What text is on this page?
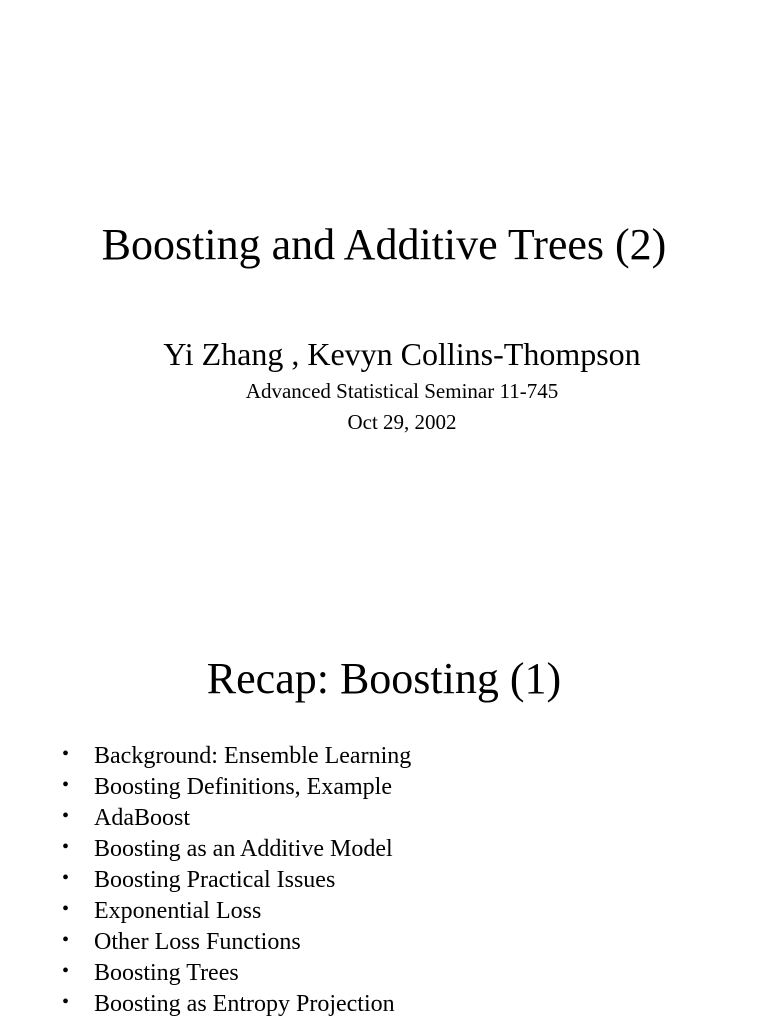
Boosting and Additive Trees (2)
Yi Zhang , Kevyn Collins-Thompson
Advanced Statistical Seminar 11-745
Oct 29, 2002
Recap: Boosting (1)
• Background: Ensemble Learning
• Boosting Definitions, Example
• AdaBoost
• Boosting as an Additive Model
• Boosting Practical Issues
• Exponential Loss
• Other Loss Functions
• Boosting Trees
• Boosting as Entropy Projection
